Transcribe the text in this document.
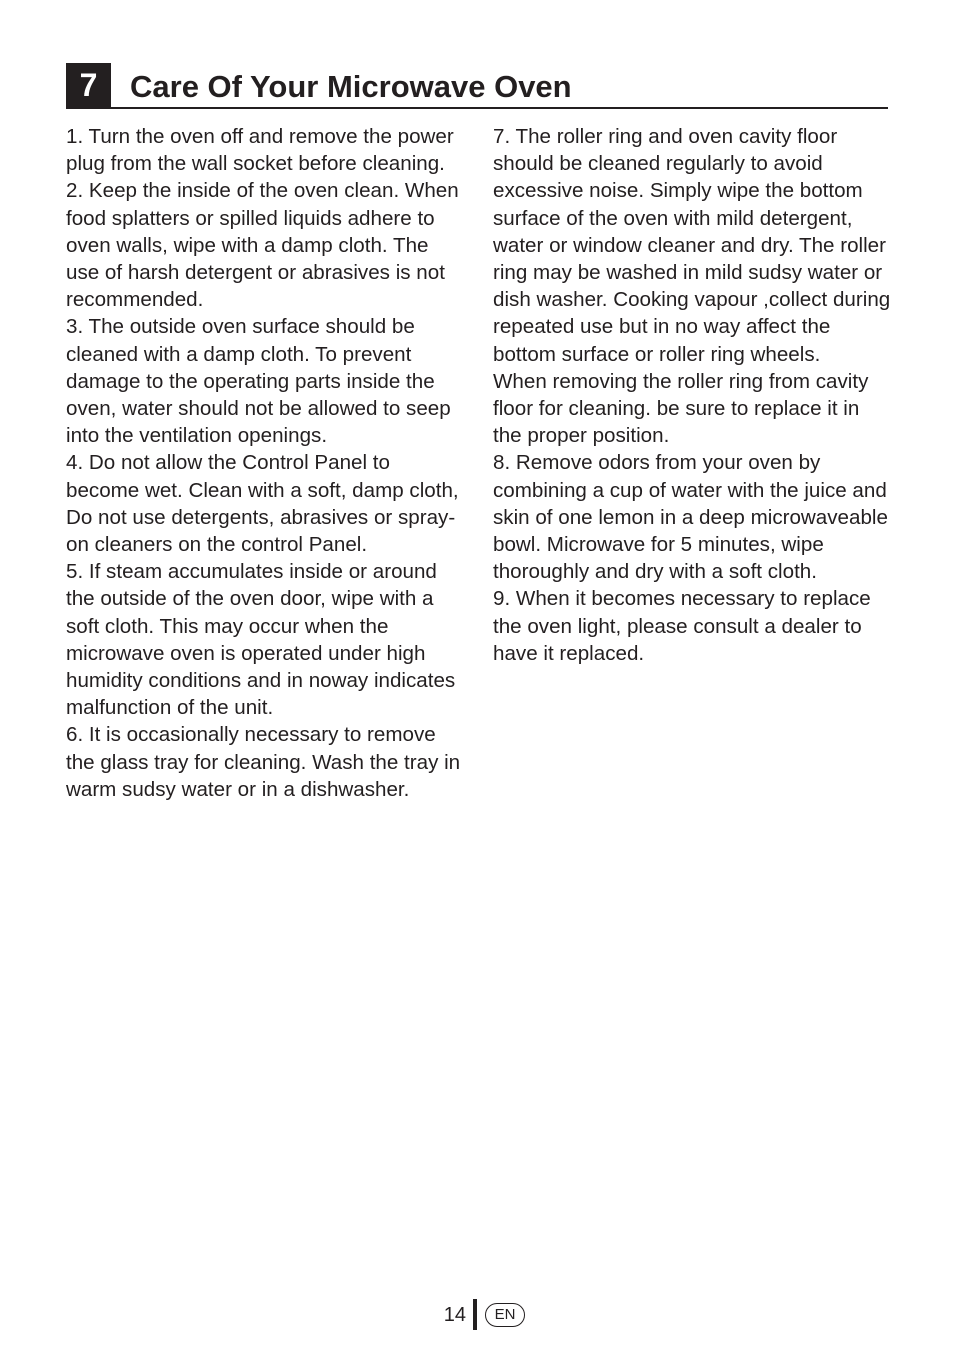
7	Care Of Your Microwave Oven

1. Turn the oven off and remove the power plug from the wall socket before cleaning.

2. Keep the inside of the oven clean. When food splatters or spilled liquids adhere to oven walls, wipe with a damp cloth. The use of harsh detergent or abrasives is not recommended.

3. The outside oven surface should be cleaned with a damp cloth. To prevent damage to the operating parts inside the oven, water should not be allowed to seep into the ventilation openings.

4. Do not allow the Control Panel to become wet. Clean with a soft, damp cloth, Do not use detergents, abrasives or spray-on cleaners on the control Panel.

5. If steam accumulates inside or around the outside of the oven door, wipe with a soft cloth. This may occur when the microwave oven is operated under high humidity conditions and in noway indicates malfunction of the unit.

6. It is occasionally necessary to remove the glass tray for cleaning. Wash the tray in warm sudsy water or in a dishwasher.

7. The roller ring and oven cavity floor should be cleaned regularly to avoid excessive noise. Simply wipe the bottom surface of the oven with mild detergent, water or window cleaner and dry. The roller ring may be washed in mild sudsy water or dish washer. Cooking vapour ,collect during repeated use but in no way affect the bottom surface or roller ring wheels.

When removing the roller ring from cavity floor for cleaning. be sure to replace it in the proper position.

8. Remove odors from your oven by combining a cup of water with the juice and skin of one lemon in a deep microwaveable bowl. Microwave for 5 minutes, wipe thoroughly and dry with a soft cloth.

9. When it becomes necessary to replace the oven light, please consult a dealer to have it replaced.

14	EN
